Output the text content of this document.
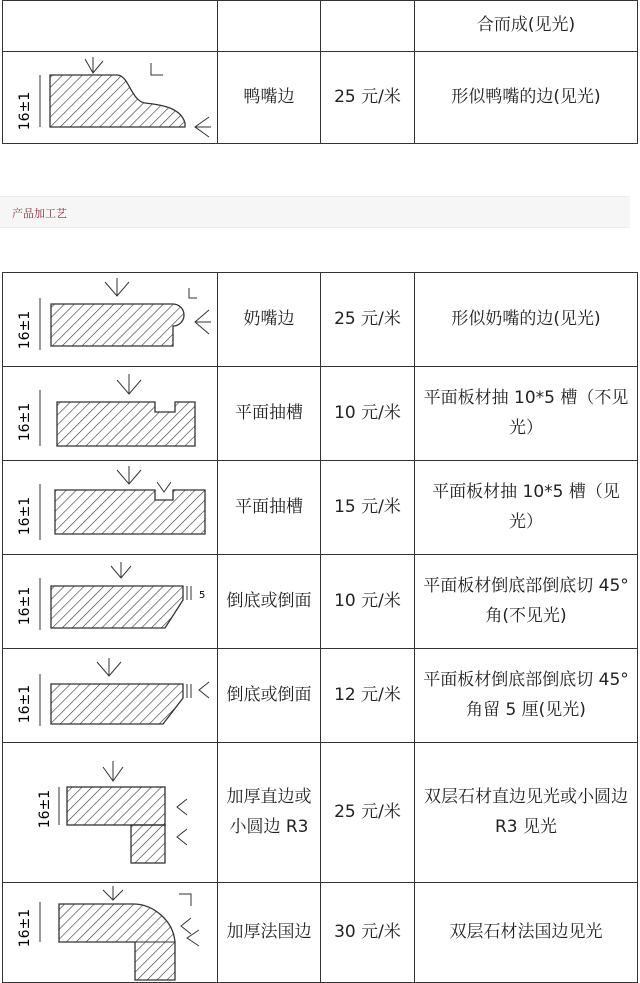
			合而成(见光)

16±1	鸭嘴边	25 元/米	形似鸭嘴的边(见光)
产品加工艺
16±1	奶嘴边	25 元/米	形似奶嘴的边(见光)

16±1	平面抽槽	10 元/米	平面板材抽 10*5 槽（不见光）

16±1	平面抽槽	15 元/米	平面板材抽 10*5 槽（见光）

16±1 5	倒底或倒面	10 元/米	平面板材倒底部倒底切 45°角(不见光)

16±1	倒底或倒面	12 元/米	平面板材倒底部倒底切 45°角留 5 厘(见光)

16±1	加厚直边或小圆边 R3	25 元/米	双层石材直边见光或小圆边 R3 见光

16±1	加厚法国边	30 元/米	双层石材法国边见光
